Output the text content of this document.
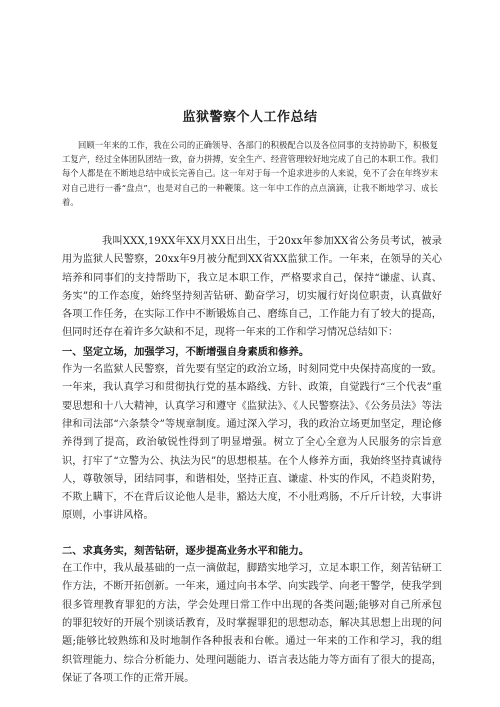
监狱警察个人工作总结

回顾一年来的工作，我在公司的正确领导、各部门的积极配合以及各位同事的支持协助下，积极复工复产，经过全体团队团结一致，奋力拼搏，安全生产、经营管理较好地完成了自己的本职工作。我们每个人都是在不断地总结中成长完善自己。这一年对于每一个追求进步的人来说，免不了会在年终岁末对自己进行一番“盘点”，也是对自己的一种鞭策。这一年中工作的点点滴滴，让我不断地学习、成长着。

我叫XXX,19XX年XX月XX日出生，于20xx年参加XX省公务员考试，被录用为监狱人民警察，20xx年9月被分配到XX省XX监狱工作。一年来，在领导的关心培养和同事们的支持帮助下，我立足本职工作，严格要求自己，保持“谦虚、认真、务实”的工作态度，始终坚持刻苦钻研、勤奋学习，切实履行好岗位职责，认真做好各项工作任务，在实际工作中不断锻炼自己、磨练自己，工作能力有了较大的提高，但同时还存在着许多欠缺和不足，现将一年来的工作和学习情况总结如下：

一、坚定立场，加强学习，不断增强自身素质和修养。

作为一名监狱人民警察，首先要有坚定的政治立场，时刻同党中央保持高度的一致。一年来，我认真学习和贯彻执行党的基本路线、方针、政策，自觉践行“三个代表”重要思想和十八大精神，认真学习和遵守《监狱法》、《人民警察法》、《公务员法》等法律和司法部“六条禁令”等规章制度。通过深入学习，我的政治立场更加坚定，理论修养得到了提高，政治敏锐性得到了明显增强。树立了全心全意为人民服务的宗旨意识，打牢了“立警为公、执法为民”的思想根基。在个人修养方面，我始终坚持真诚待人，尊敬领导，团结同事，和谐相处，坚持正直、谦虚、朴实的作风，不趋炎附势，不欺上瞒下，不在背后议论他人是非，豁达大度，不小肚鸡肠，不斤斤计较，大事讲原则，小事讲风格。

二、求真务实，刻苦钻研，逐步提高业务水平和能力。

在工作中，我从最基础的一点一滴做起，脚踏实地学习，立足本职工作，刻苦钻研工作方法，不断开拓创新。一年来，通过向书本学、向实践学、向老干警学，使我学到很多管理教育罪犯的方法，学会处理日常工作中出现的各类问题;能够对自己所承包的罪犯较好的开展个别谈话教育，及时掌握罪犯的思想动态，解决其思想上出现的问题;能够比较熟练和及时地制作各种报表和台帐。通过一年来的工作和学习，我的组织管理能力、综合分析能力、处理问题能力、语言表达能力等方面有了很大的提高，保证了各项工作的正常开展。
